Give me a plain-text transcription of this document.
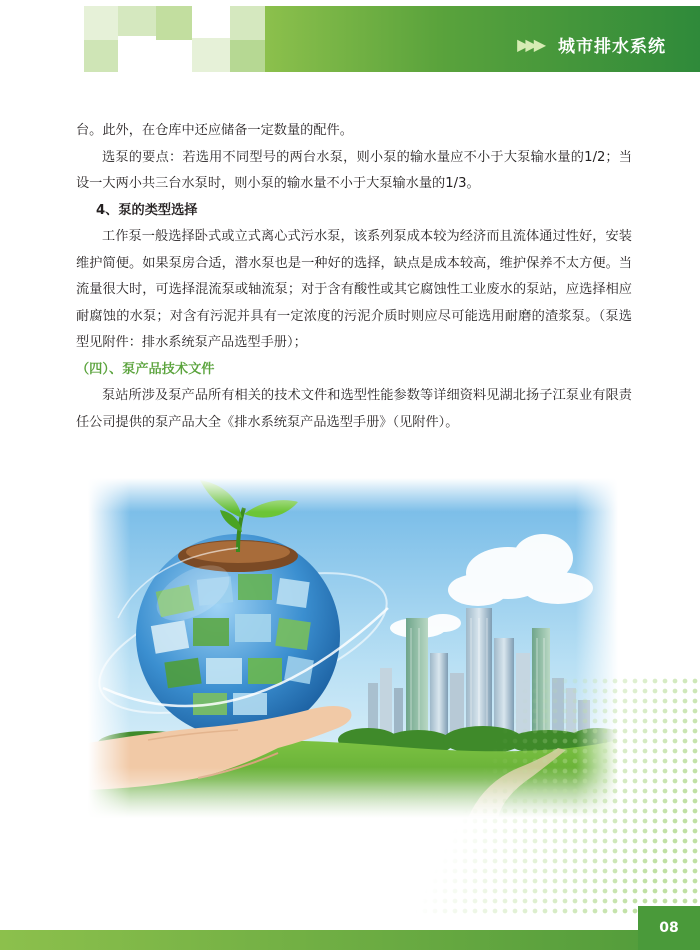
▶▶▶ 城市排水系统

台。此外，在仓库中还应储备一定数量的配件。

选泵的要点：若选用不同型号的两台水泵，则小泵的输水量应不小于大泵输水量的1/2；当设一大两小共三台水泵时，则小泵的输水量不小于大泵输水量的1/3。

4、泵的类型选择

工作泵一般选择卧式或立式离心式污水泵，该系列泵成本较为经济而且流体通过性好，安装维护简便。如果泵房合适，潜水泵也是一种好的选择，缺点是成本较高，维护保养不太方便。当流量很大时，可选择混流泵或轴流泵；对于含有酸性或其它腐蚀性工业废水的泵站，应选择相应耐腐蚀的水泵；对含有污泥并具有一定浓度的污泥介质时则应尽可能选用耐磨的渣浆泵。（泵选型见附件：排水系统泵产品选型手册）；

（四）、泵产品技术文件

泵站所涉及泵产品所有相关的技术文件和选型性能参数等详细资料见湖北扬子江泵业有限责任公司提供的泵产品大全《排水系统泵产品选型手册》（见附件）。

08
